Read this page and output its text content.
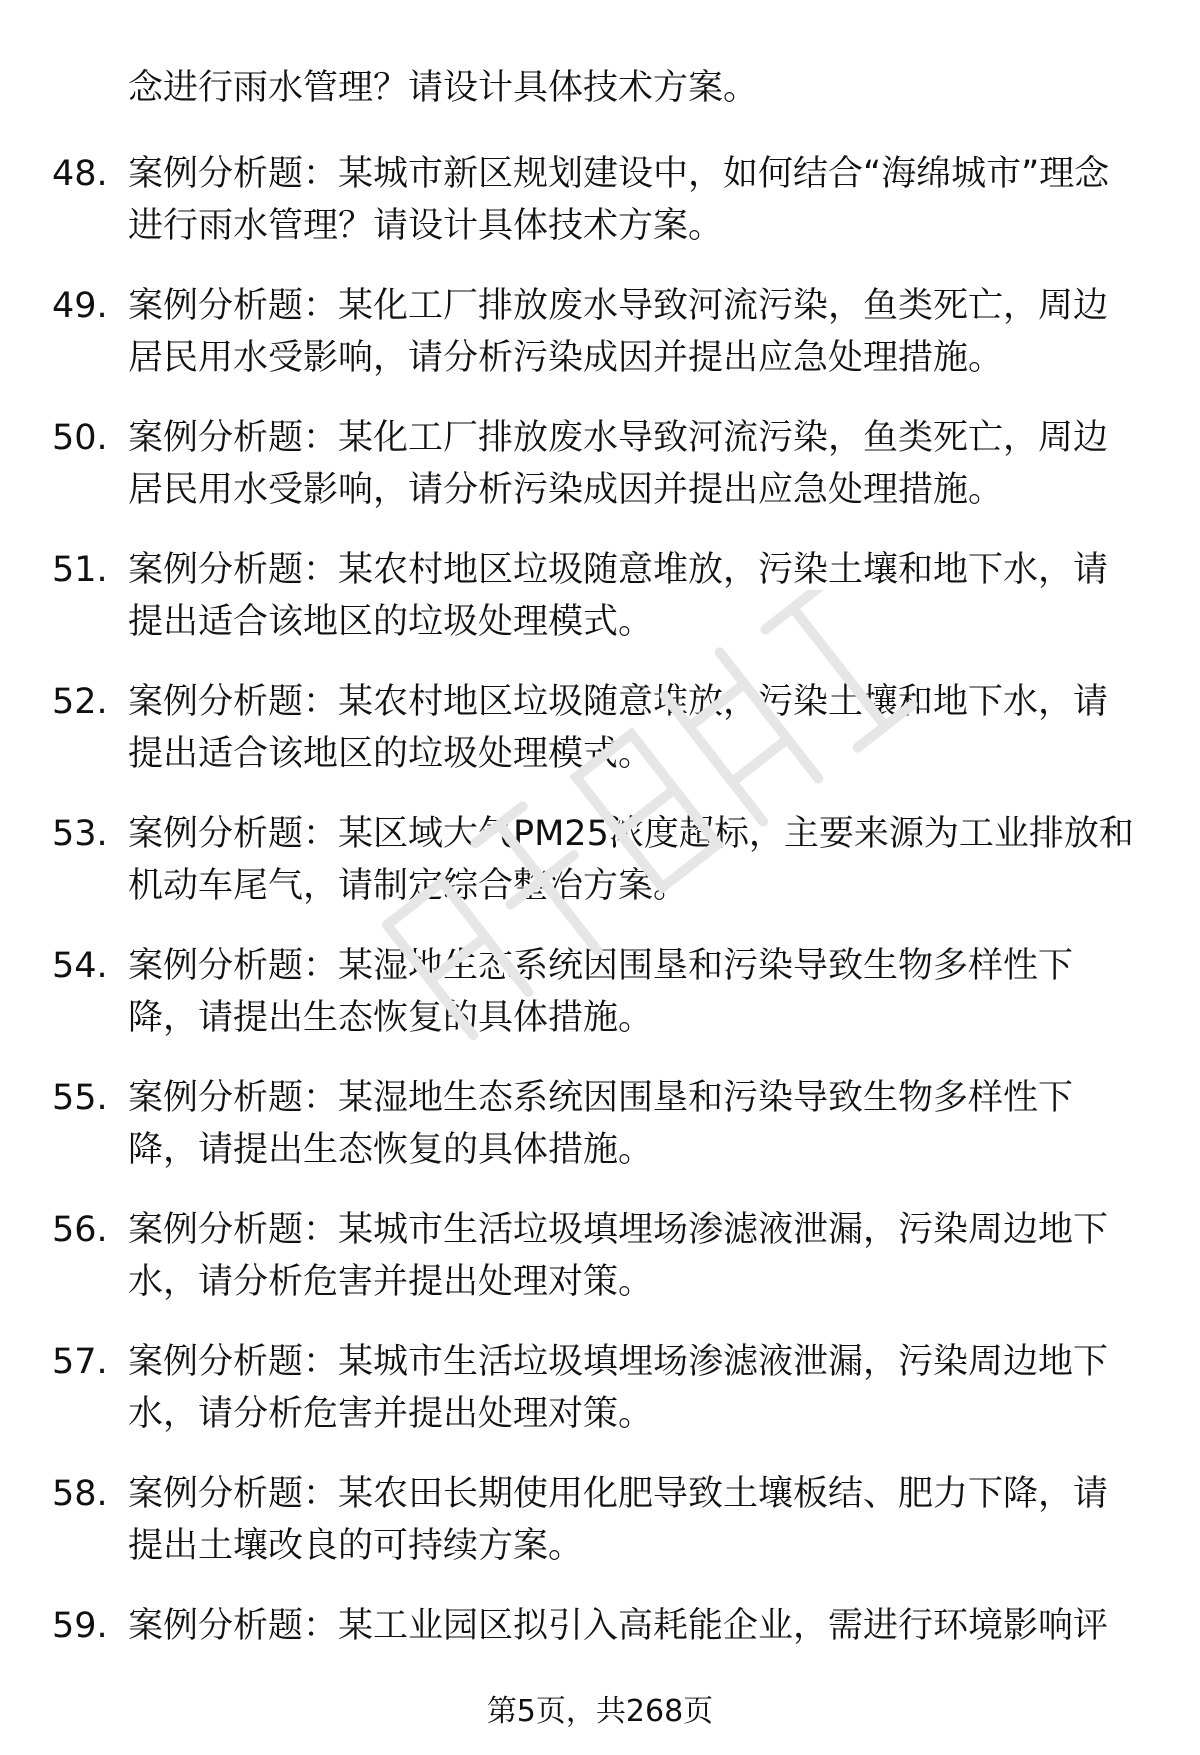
念进行雨水管理？请设计具体技术方案。
48. 案例分析题：某城市新区规划建设中，如何结合“海绵城市”理念进行雨水管理？请设计具体技术方案。
49. 案例分析题：某化工厂排放废水导致河流污染，鱼类死亡，周边居民用水受影响，请分析污染成因并提出应急处理措施。
50. 案例分析题：某化工厂排放废水导致河流污染，鱼类死亡，周边居民用水受影响，请分析污染成因并提出应急处理措施。
51. 案例分析题：某农村地区垃圾随意堆放，污染土壤和地下水，请提出适合该地区的垃圾处理模式。
52. 案例分析题：某农村地区垃圾随意堆放，污染土壤和地下水，请提出适合该地区的垃圾处理模式。
53. 案例分析题：某区域大气PM25浓度超标，主要来源为工业排放和机动车尾气，请制定综合整治方案。
54. 案例分析题：某湿地生态系统因围垦和污染导致生物多样性下降，请提出生态恢复的具体措施。
55. 案例分析题：某湿地生态系统因围垦和污染导致生物多样性下降，请提出生态恢复的具体措施。
56. 案例分析题：某城市生活垃圾填埋场渗滤液泄漏，污染周边地下水，请分析危害并提出处理对策。
57. 案例分析题：某城市生活垃圾填埋场渗滤液泄漏，污染周边地下水，请分析危害并提出处理对策。
58. 案例分析题：某农田长期使用化肥导致土壤板结、肥力下降，请提出土壤改良的可持续方案。
59. 案例分析题：某工业园区拟引入高耗能企业，需进行环境影响评
第5页，共268页
